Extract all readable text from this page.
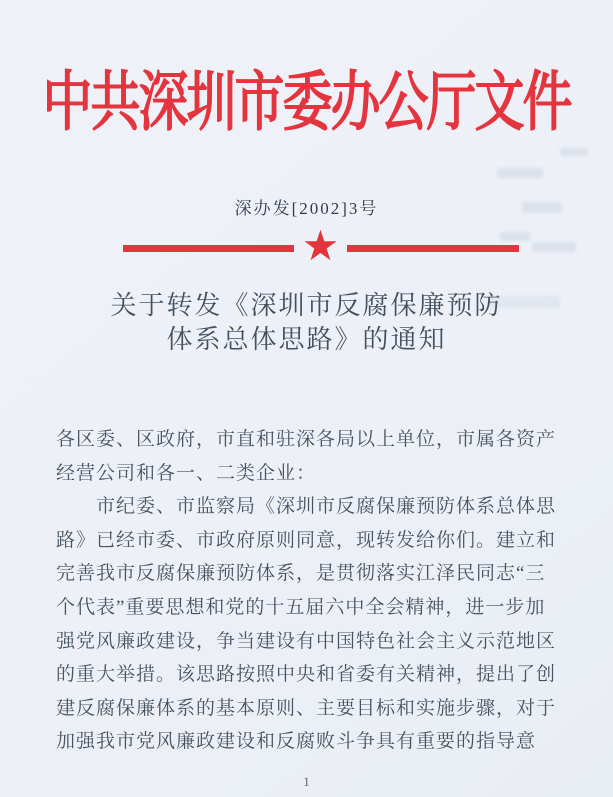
中共深圳市委办公厅文件
深办发[2002]3号
★
关于转发《深圳市反腐保廉预防
体系总体思路》的通知
各区委、区政府，市直和驻深各局以上单位，市属各资产
经营公司和各一、二类企业：
市纪委、市监察局《深圳市反腐保廉预防体系总体思
路》已经市委、市政府原则同意，现转发给你们。建立和
完善我市反腐保廉预防体系，是贯彻落实江泽民同志“三
个代表”重要思想和党的十五届六中全会精神，进一步加
强党风廉政建设，争当建设有中国特色社会主义示范地区
的重大举措。该思路按照中央和省委有关精神，提出了创
建反腐保廉体系的基本原则、主要目标和实施步骤，对于
加强我市党风廉政建设和反腐败斗争具有重要的指导意
1
